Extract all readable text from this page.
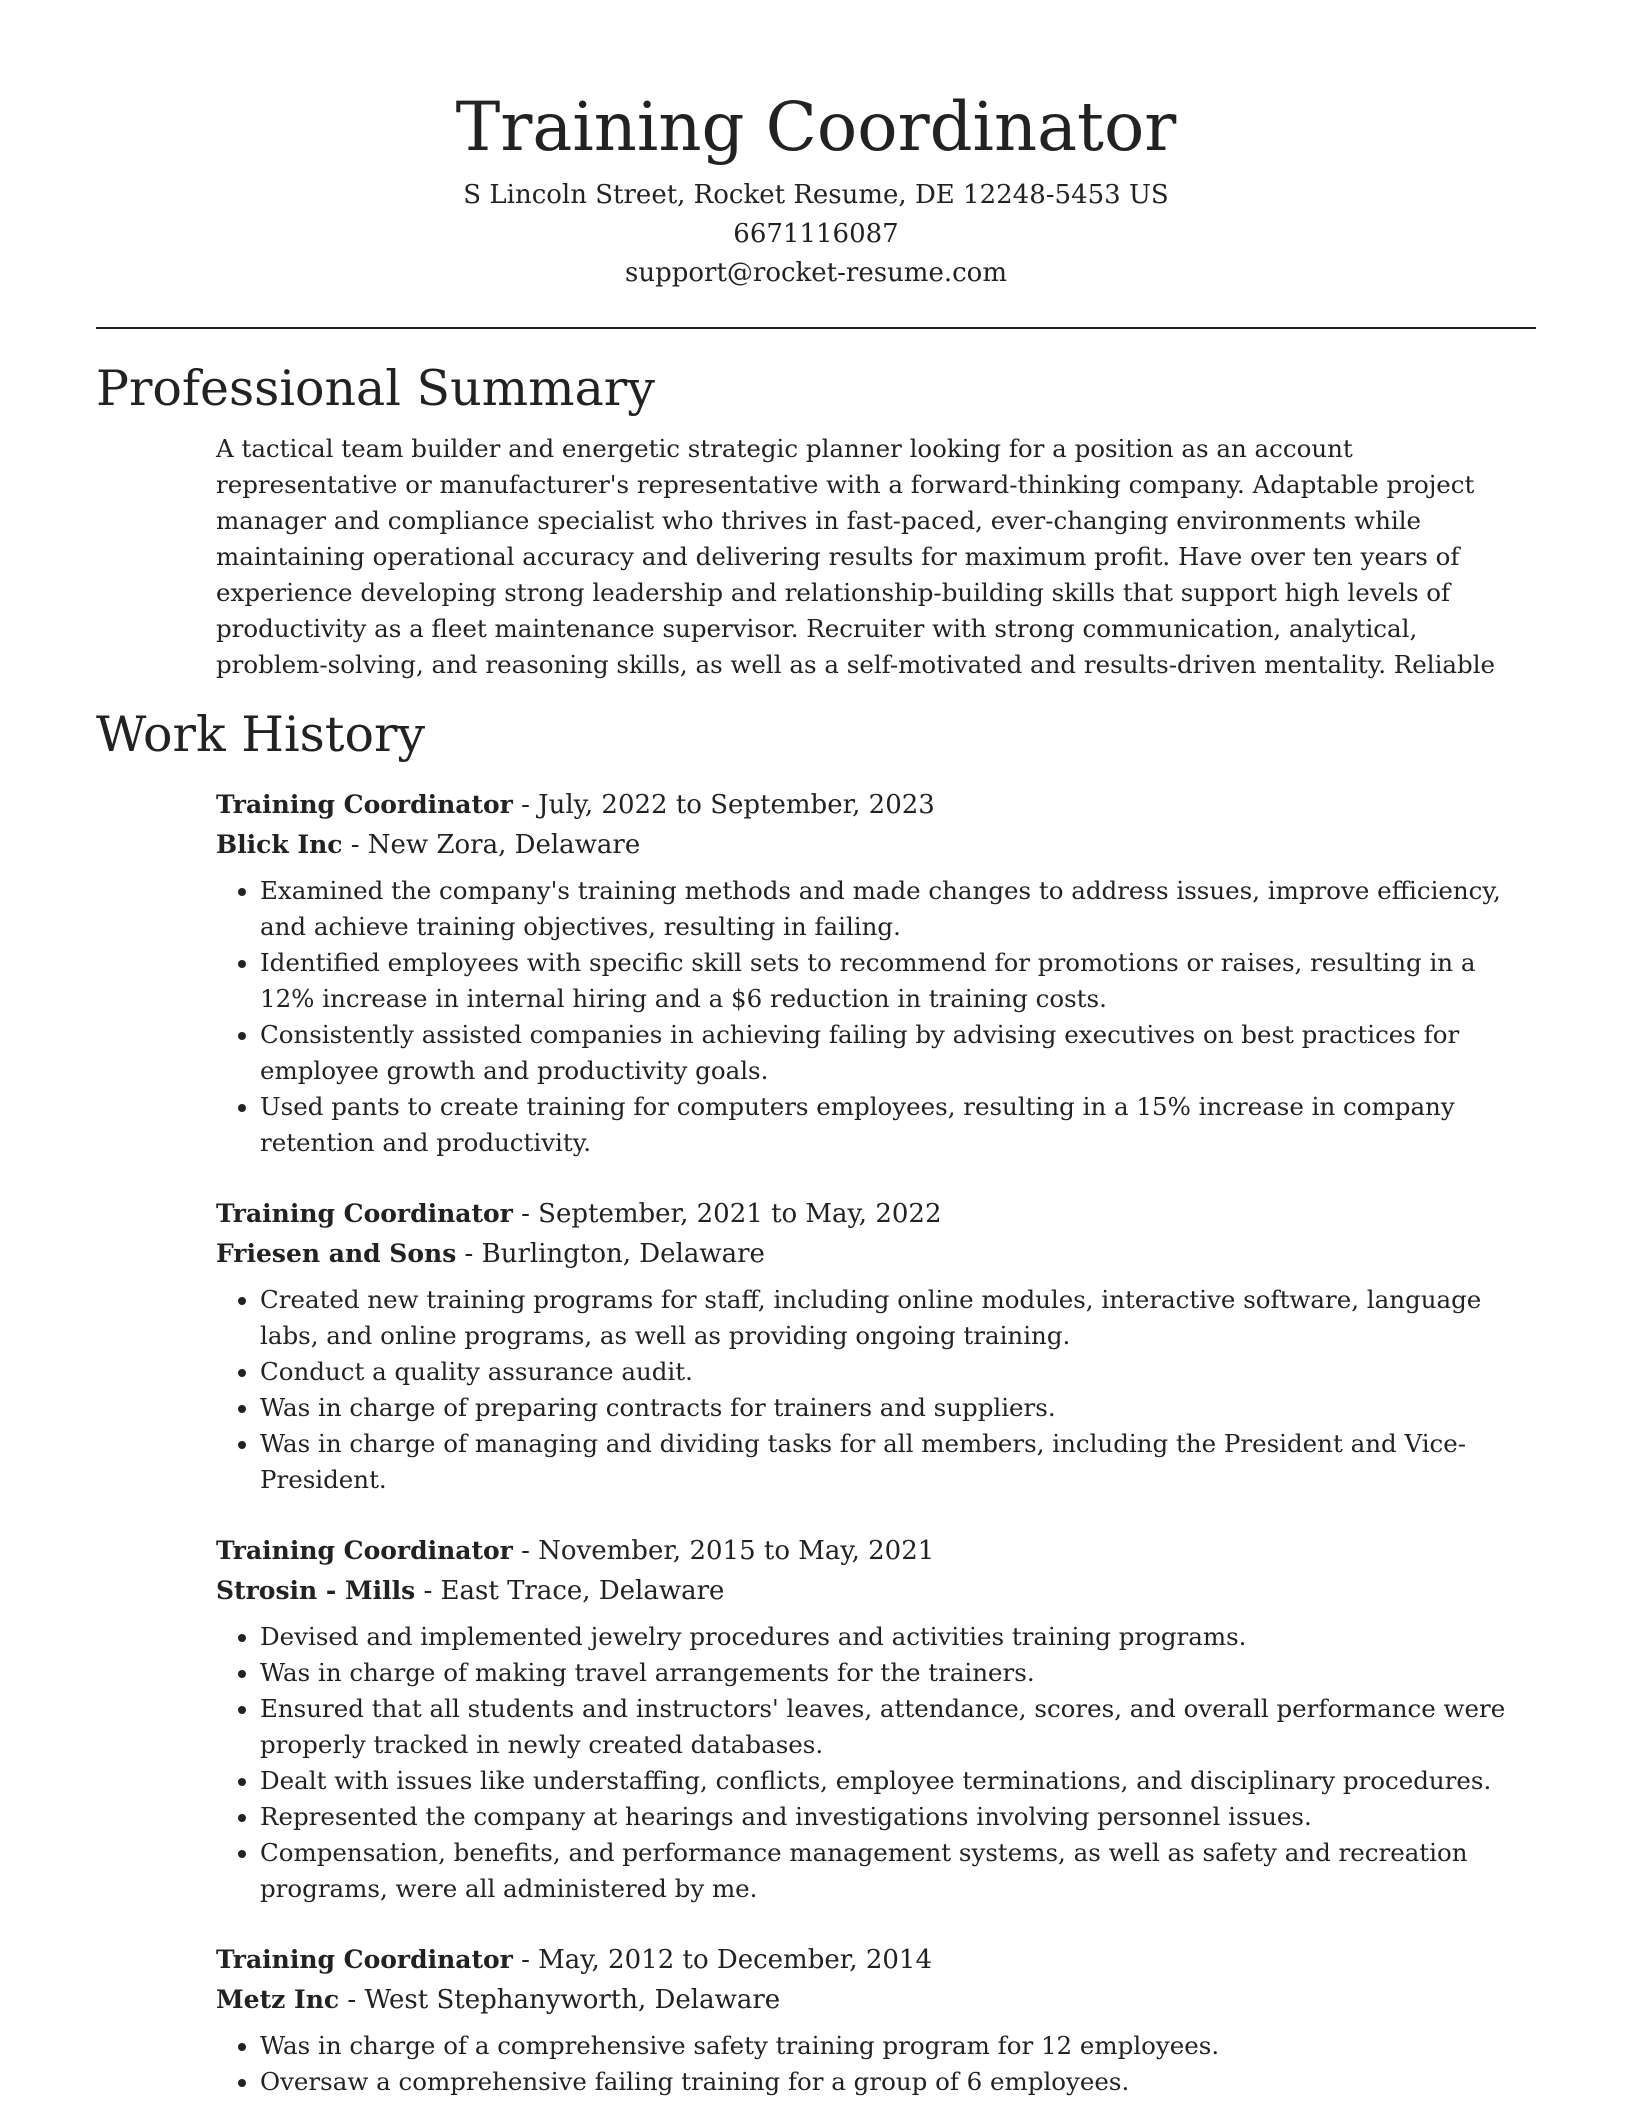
Training Coordinator
S Lincoln Street, Rocket Resume, DE 12248-5453 US
6671116087
support@rocket-resume.com
Professional Summary

A tactical team builder and energetic strategic planner looking for a position as an account representative or manufacturer's representative with a forward-thinking company. Adaptable project manager and compliance specialist who thrives in fast-paced, ever-changing environments while maintaining operational accuracy and delivering results for maximum profit. Have over ten years of experience developing strong leadership and relationship-building skills that support high levels of productivity as a fleet maintenance supervisor. Recruiter with strong communication, analytical, problem-solving, and reasoning skills, as well as a self-motivated and results-driven mentality. Reliable

Work History
Training Coordinator - July, 2022 to September, 2023
Blick Inc - New Zora, Delaware
• Examined the company's training methods and made changes to address issues, improve efficiency, and achieve training objectives, resulting in failing.
• Identified employees with specific skill sets to recommend for promotions or raises, resulting in a 12% increase in internal hiring and a $6 reduction in training costs.
• Consistently assisted companies in achieving failing by advising executives on best practices for employee growth and productivity goals.
• Used pants to create training for computers employees, resulting in a 15% increase in company retention and productivity.
Training Coordinator - September, 2021 to May, 2022
Friesen and Sons - Burlington, Delaware
• Created new training programs for staff, including online modules, interactive software, language labs, and online programs, as well as providing ongoing training.
• Conduct a quality assurance audit.
• Was in charge of preparing contracts for trainers and suppliers.
• Was in charge of managing and dividing tasks for all members, including the President and Vice-President.
Training Coordinator - November, 2015 to May, 2021
Strosin - Mills - East Trace, Delaware
• Devised and implemented jewelry procedures and activities training programs.
• Was in charge of making travel arrangements for the trainers.
• Ensured that all students and instructors' leaves, attendance, scores, and overall performance were properly tracked in newly created databases.
• Dealt with issues like understaffing, conflicts, employee terminations, and disciplinary procedures.
• Represented the company at hearings and investigations involving personnel issues.
• Compensation, benefits, and performance management systems, as well as safety and recreation programs, were all administered by me.
Training Coordinator - May, 2012 to December, 2014
Metz Inc - West Stephanyworth, Delaware
• Was in charge of a comprehensive safety training program for 12 employees.
• Oversaw a comprehensive failing training for a group of 6 employees.
